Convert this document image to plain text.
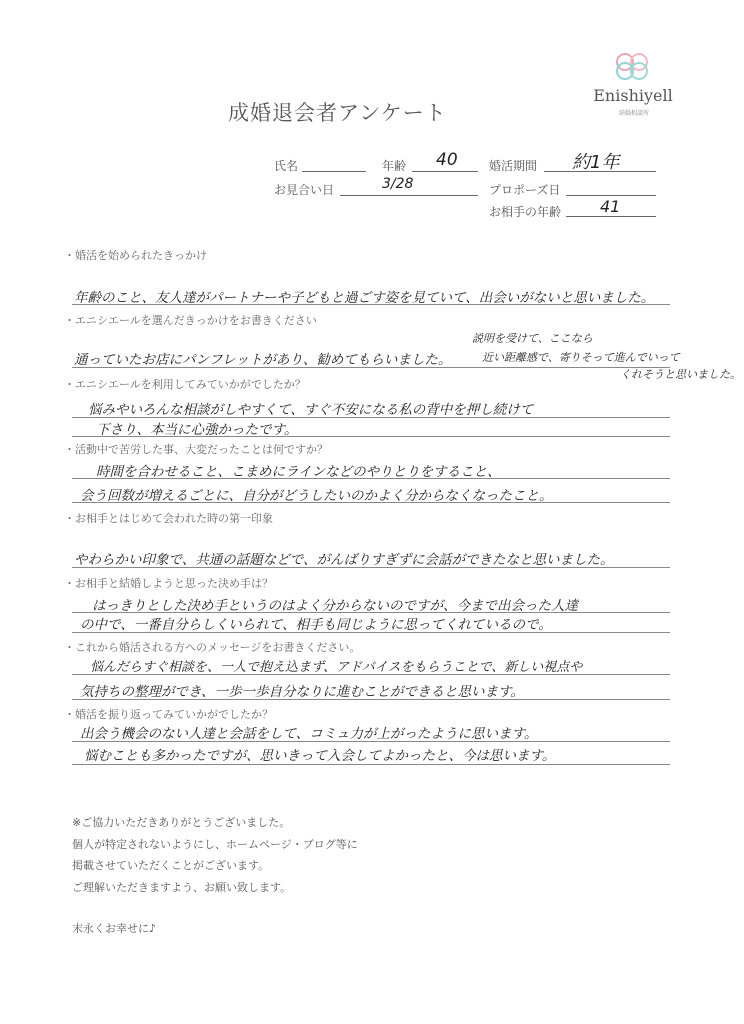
成婚退会者アンケート
Enishiyell
結婚相談所
氏名	年齢 40	婚活期間 約1年
お見合い日	3/28	プロポーズ日
お相手の年齢 41
・婚活を始められたきっかけ
年齢のこと、友人達がパートナーや子どもと過ごす姿を見ていて、出会いがないと思いました。
・エニシエールを選んだきっかけをお書きください
説明を受けて、ここなら
通っていたお店にパンフレットがあり、勧めてもらいました。	近い距離感で、寄りそって進んでいって
くれそうと思いました。
・エニシエールを利用してみていかがでしたか？
悩みやいろんな相談がしやすくて、すぐ不安になる私の背中を押し続けて
下さり、本当に心強かったです。
・活動中で苦労した事、大変だったことは何ですか？
時間を合わせること、こまめにラインなどのやりとりをすること、
会う回数が増えるごとに、自分がどうしたいのかよく分からなくなったこと。
・お相手とはじめて会われた時の第一印象
やわらかい印象で、共通の話題などで、がんばりすぎずに会話ができたなと思いました。
・お相手と結婚しようと思った決め手は？
はっきりとした決め手というのはよく分からないのですが、今まで出会った人達
の中で、一番自分らしくいられて、相手も同じように思ってくれているので。
・これから婚活される方へのメッセージをお書きください。
悩んだらすぐ相談を、一人で抱え込まず、アドバイスをもらうことで、新しい視点や
気持ちの整理ができ、一歩一歩自分なりに進むことができると思います。
・婚活を振り返ってみていかがでしたか？
出会う機会のない人達と会話をして、コミュ力が上がったように思います。
悩むことも多かったですが、思いきって入会してよかったと、今は思います。
※ご協力いただきありがとうございました。
個人が特定されないようにし、ホームページ・ブログ等に
掲載させていただくことがございます。
ご理解いただきますよう、お願い致します。
末永くお幸せに♪
